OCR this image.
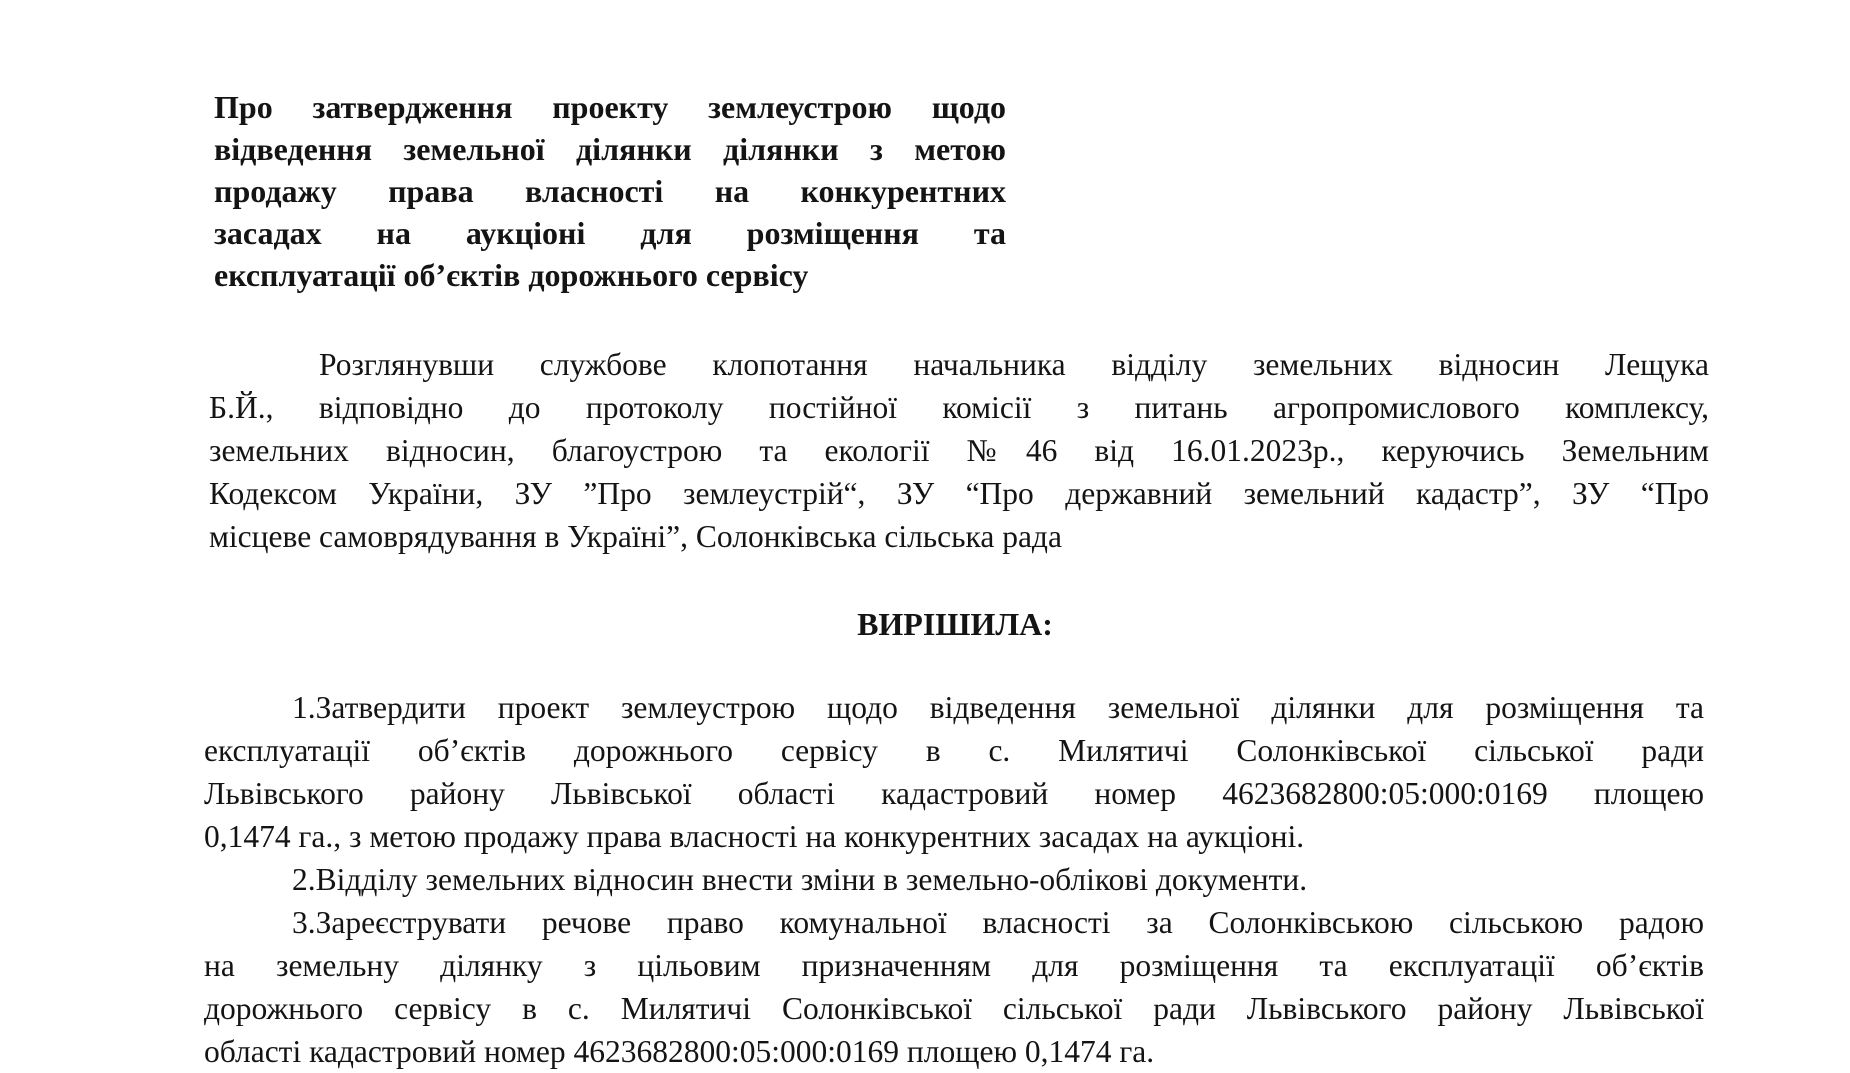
Про затвердження проекту землеустрою щодо
відведення земельної ділянки ділянки з метою
продажу права власності на конкурентних
засадах на аукціоні для розміщення та
експлуатації об’єктів дорожнього сервісу
Розглянувши службове клопотання начальника відділу земельних відносин Лещука
Б.Й., відповідно до протоколу постійної комісії з питань агропромислового комплексу,
земельних відносин, благоустрою та екології №46 від 16.01.2023р., керуючись Земельним
Кодексом України, ЗУ ”Про землеустрій“, ЗУ “Про державний земельний кадастр”, ЗУ “Про
місцеве самоврядування в Україні”, Солонківська сільська рада
ВИРІШИЛА:
1.Затвердити проект землеустрою щодо відведення земельної ділянки для розміщення та
експлуатації об’єктів дорожнього сервісу в с. Милятичі Солонківської сільської ради
Львівського району Львівської області кадастровий номер 4623682800:05:000:0169 площею
0,1474 га., з метою продажу права власності на конкурентних засадах на аукціоні.
2.Відділу земельних відносин внести зміни в земельно-облікові документи.
3.Зареєструвати речове право комунальної власності за Солонківською сільською радою
на земельну ділянку з цільовим призначенням для розміщення та експлуатації об’єктів
дорожнього сервісу в с. Милятичі Солонківської сільської ради Львівського району Львівської
області кадастровий номер 4623682800:05:000:0169 площею 0,1474 га.
